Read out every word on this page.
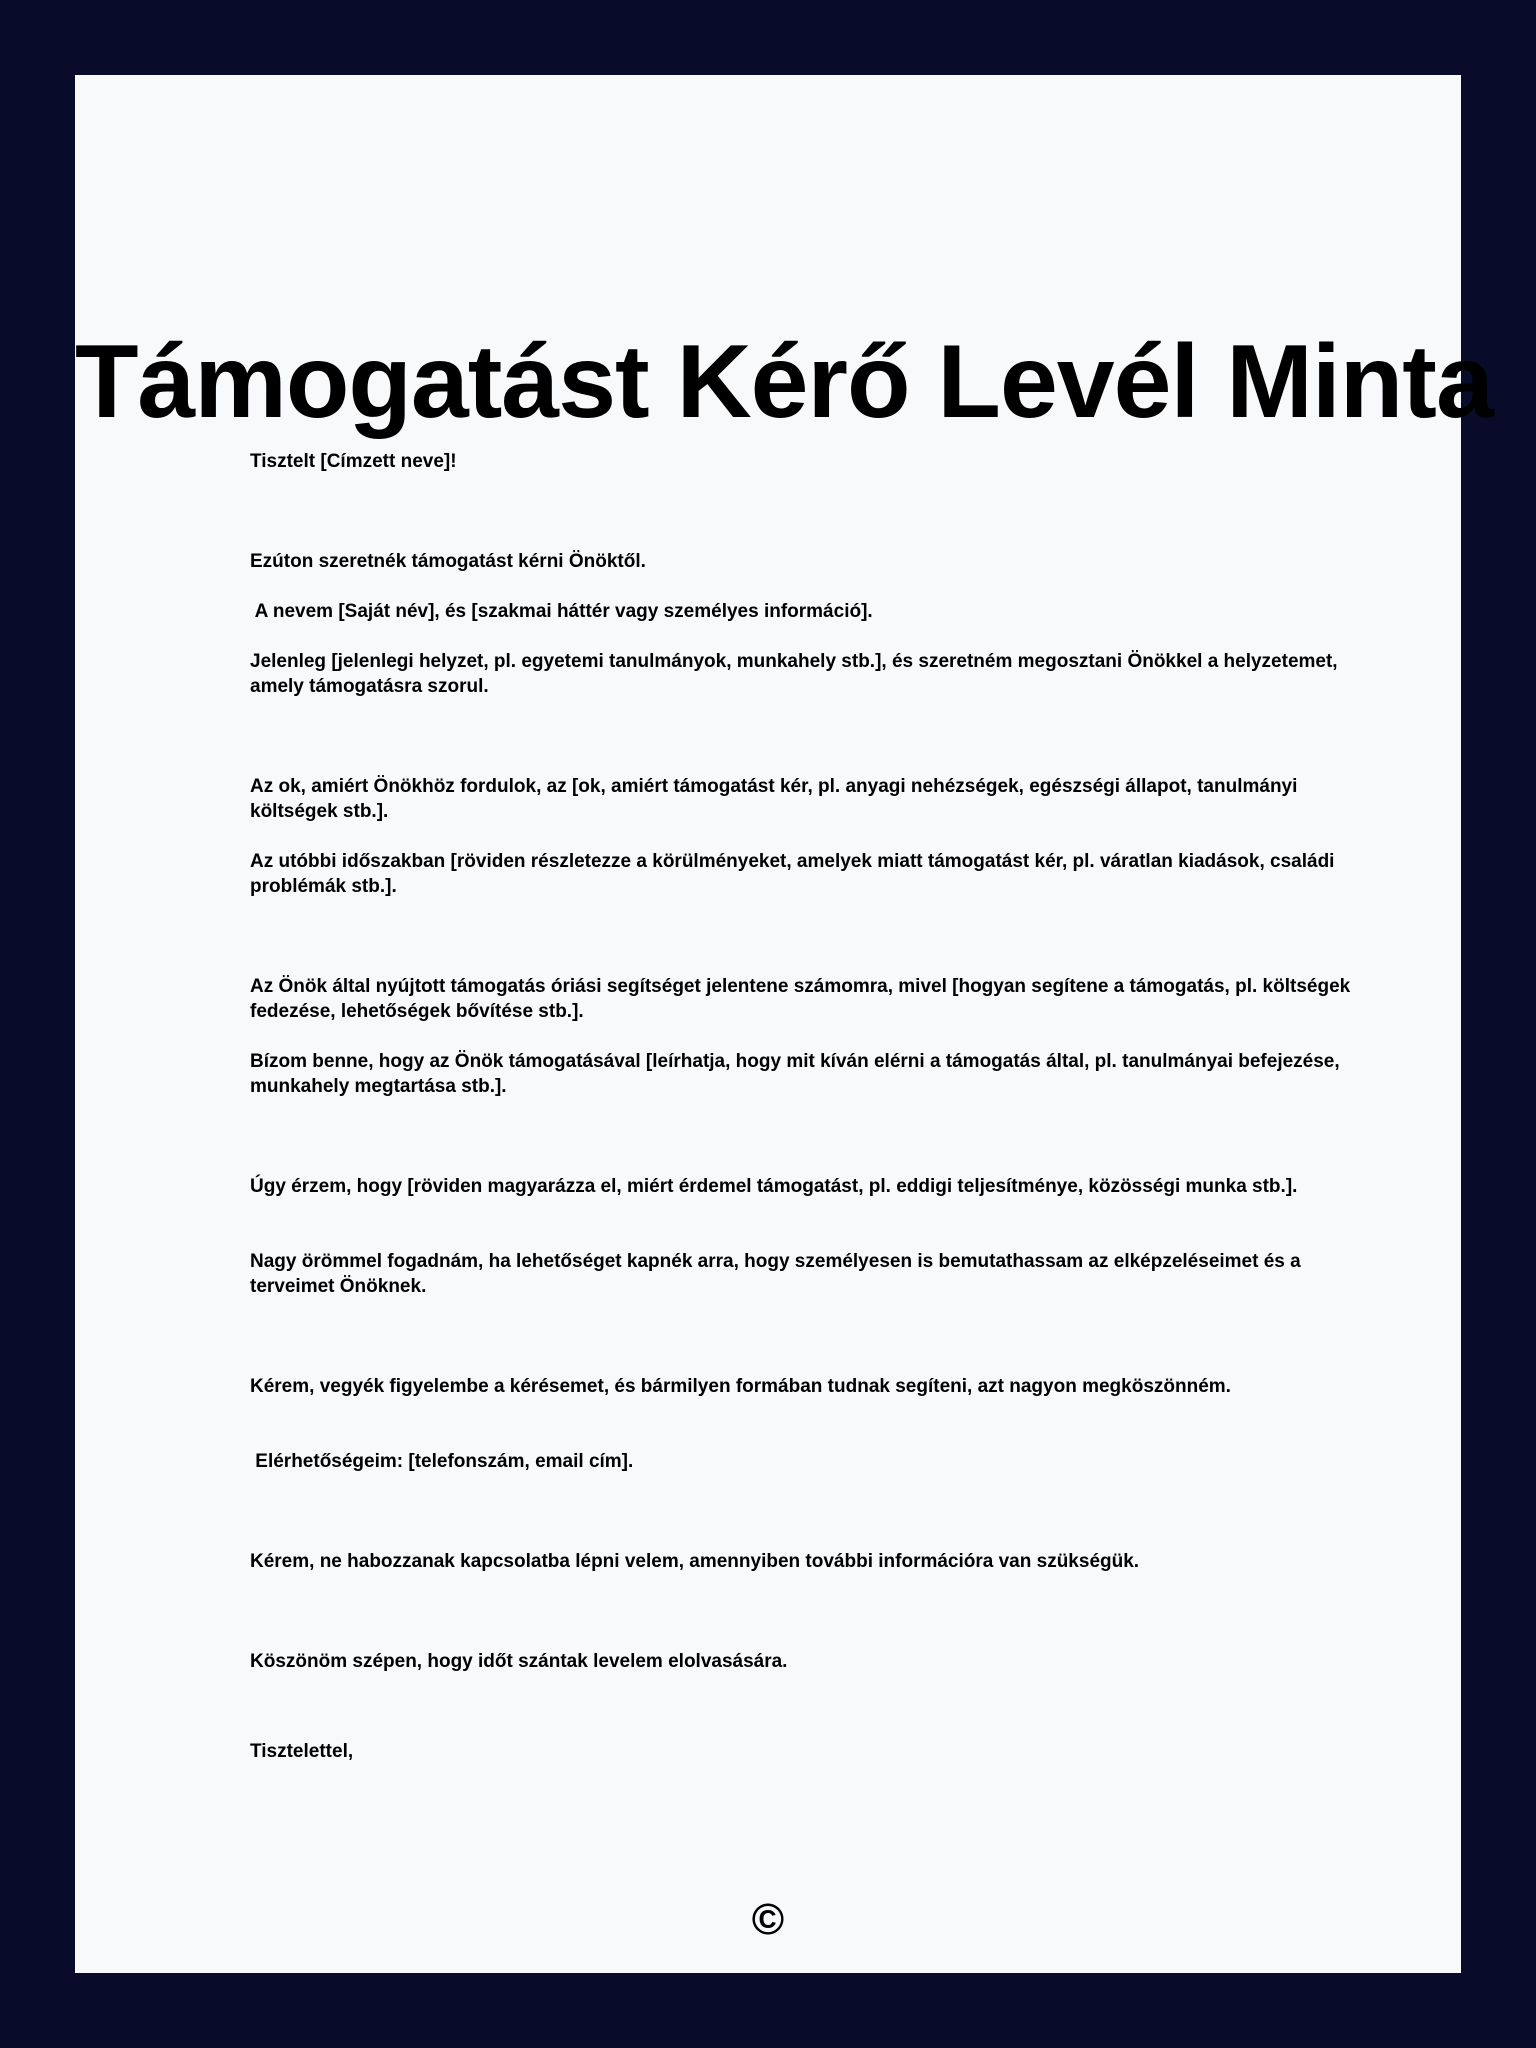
Támogatást Kérő Levél Minta

Tisztelt [Címzett neve]!

Ezúton szeretnék támogatást kérni Önöktől.

A nevem [Saját név], és [szakmai háttér vagy személyes információ].

Jelenleg [jelenlegi helyzet, pl. egyetemi tanulmányok, munkahely stb.], és szeretném megosztani Önökkel a helyzetemet, amely támogatásra szorul.

Az ok, amiért Önökhöz fordulok, az [ok, amiért támogatást kér, pl. anyagi nehézségek, egészségi állapot, tanulmányi költségek stb.].

Az utóbbi időszakban [röviden részletezze a körülményeket, amelyek miatt támogatást kér, pl. váratlan kiadások, családi problémák stb.].

Az Önök által nyújtott támogatás óriási segítséget jelentene számomra, mivel [hogyan segítene a támogatás, pl. költségek fedezése, lehetőségek bővítése stb.].

Bízom benne, hogy az Önök támogatásával [leírhatja, hogy mit kíván elérni a támogatás által, pl. tanulmányai befejezése, munkahely megtartása stb.].

Úgy érzem, hogy [röviden magyarázza el, miért érdemel támogatást, pl. eddigi teljesítménye, közösségi munka stb.].

Nagy örömmel fogadnám, ha lehetőséget kapnék arra, hogy személyesen is bemutathassam az elképzeléseimet és a terveimet Önöknek.

Kérem, vegyék figyelembe a kérésemet, és bármilyen formában tudnak segíteni, azt nagyon megköszönném.

Elérhetőségeim: [telefonszám, email cím].

Kérem, ne habozzanak kapcsolatba lépni velem, amennyiben további információra van szükségük.

Köszönöm szépen, hogy időt szántak levelem elolvasására.

Tisztelettel,

©
